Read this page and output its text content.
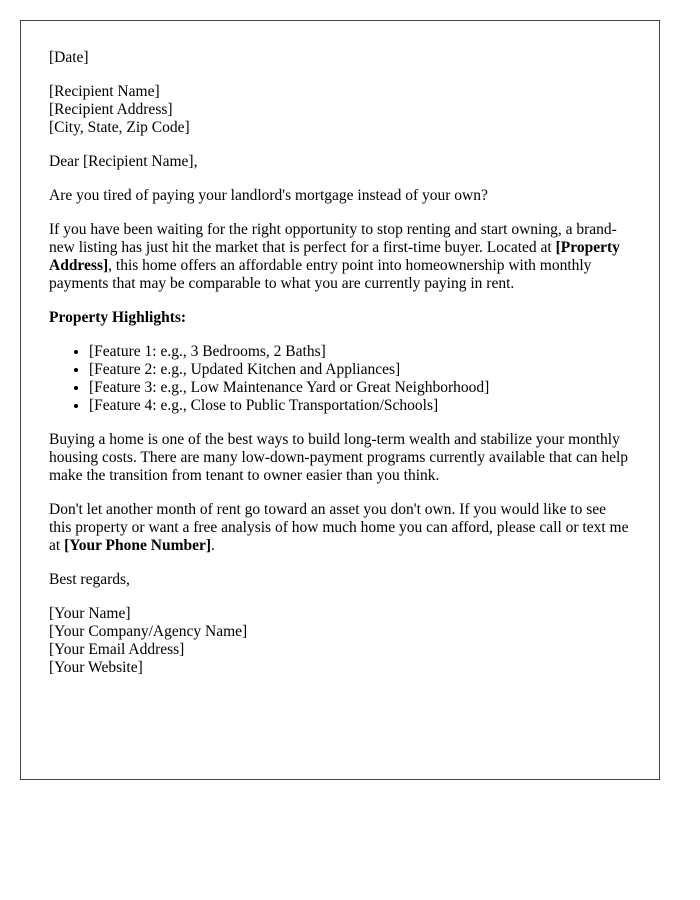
[Date]

[Recipient Name]
[Recipient Address]
[City, State, Zip Code]

Dear [Recipient Name],

Are you tired of paying your landlord's mortgage instead of your own?

If you have been waiting for the right opportunity to stop renting and start owning, a brand-new listing has just hit the market that is perfect for a first-time buyer. Located at [Property Address], this home offers an affordable entry point into homeownership with monthly payments that may be comparable to what you are currently paying in rent.

Property Highlights:

• [Feature 1: e.g., 3 Bedrooms, 2 Baths]
• [Feature 2: e.g., Updated Kitchen and Appliances]
• [Feature 3: e.g., Low Maintenance Yard or Great Neighborhood]
• [Feature 4: e.g., Close to Public Transportation/Schools]

Buying a home is one of the best ways to build long-term wealth and stabilize your monthly housing costs. There are many low-down-payment programs currently available that can help make the transition from tenant to owner easier than you think.

Don't let another month of rent go toward an asset you don't own. If you would like to see this property or want a free analysis of how much home you can afford, please call or text me at [Your Phone Number].

Best regards,

[Your Name]
[Your Company/Agency Name]
[Your Email Address]
[Your Website]
